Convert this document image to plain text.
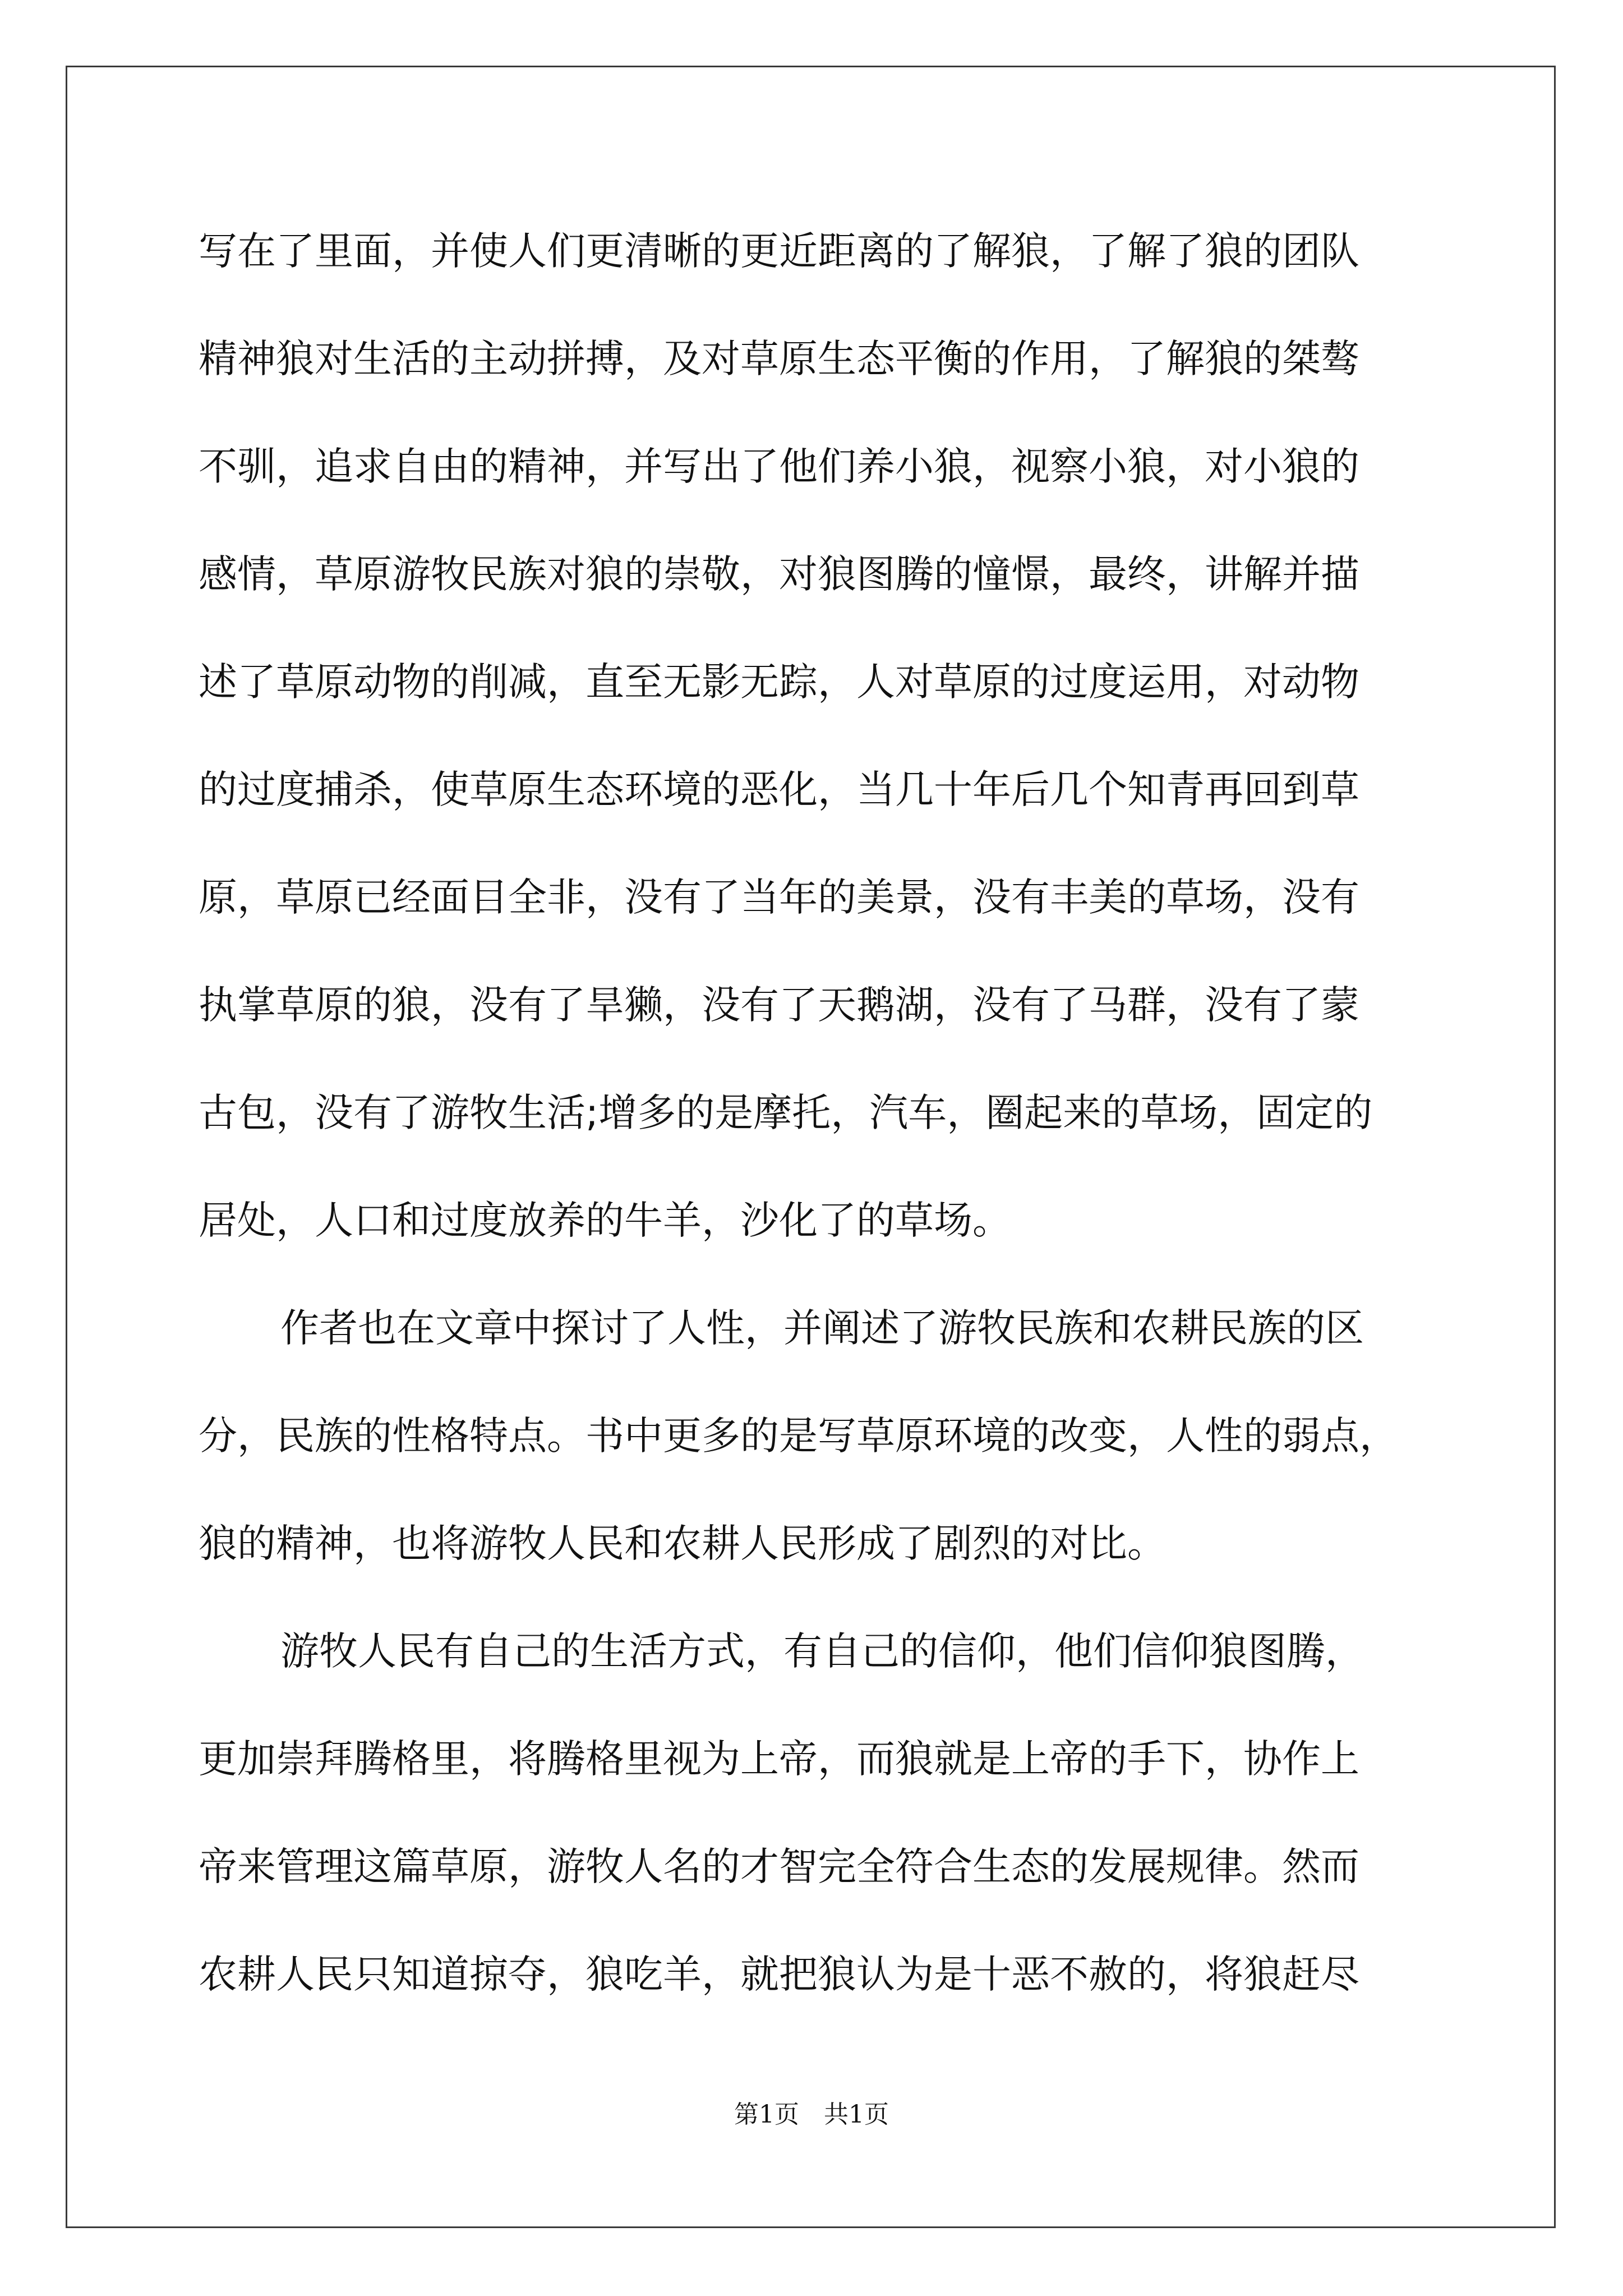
写在了里面，并使人们更清晰的更近距离的了解狼，了解了狼的团队

精神狼对生活的主动拼搏，及对草原生态平衡的作用，了解狼的桀骜

不驯，追求自由的精神，并写出了他们养小狼，视察小狼，对小狼的

感情，草原游牧民族对狼的崇敬，对狼图腾的憧憬，最终，讲解并描

述了草原动物的削减，直至无影无踪，人对草原的过度运用，对动物

的过度捕杀，使草原生态环境的恶化，当几十年后几个知青再回到草

原，草原已经面目全非，没有了当年的美景，没有丰美的草场，没有

执掌草原的狼，没有了旱獭，没有了天鹅湖，没有了马群，没有了蒙

古包，没有了游牧生活;增多的是摩托，汽车，圈起来的草场，固定的

居处，人口和过度放养的牛羊，沙化了的草场。

作者也在文章中探讨了人性，并阐述了游牧民族和农耕民族的区

分，民族的性格特点。书中更多的是写草原环境的改变，人性的弱点，

狼的精神，也将游牧人民和农耕人民形成了剧烈的对比。

游牧人民有自己的生活方式，有自己的信仰，他们信仰狼图腾，

更加崇拜腾格里，将腾格里视为上帝，而狼就是上帝的手下，协作上

帝来管理这篇草原，游牧人名的才智完全符合生态的发展规律。然而

农耕人民只知道掠夺，狼吃羊，就把狼认为是十恶不赦的，将狼赶尽

第1页　共1页
